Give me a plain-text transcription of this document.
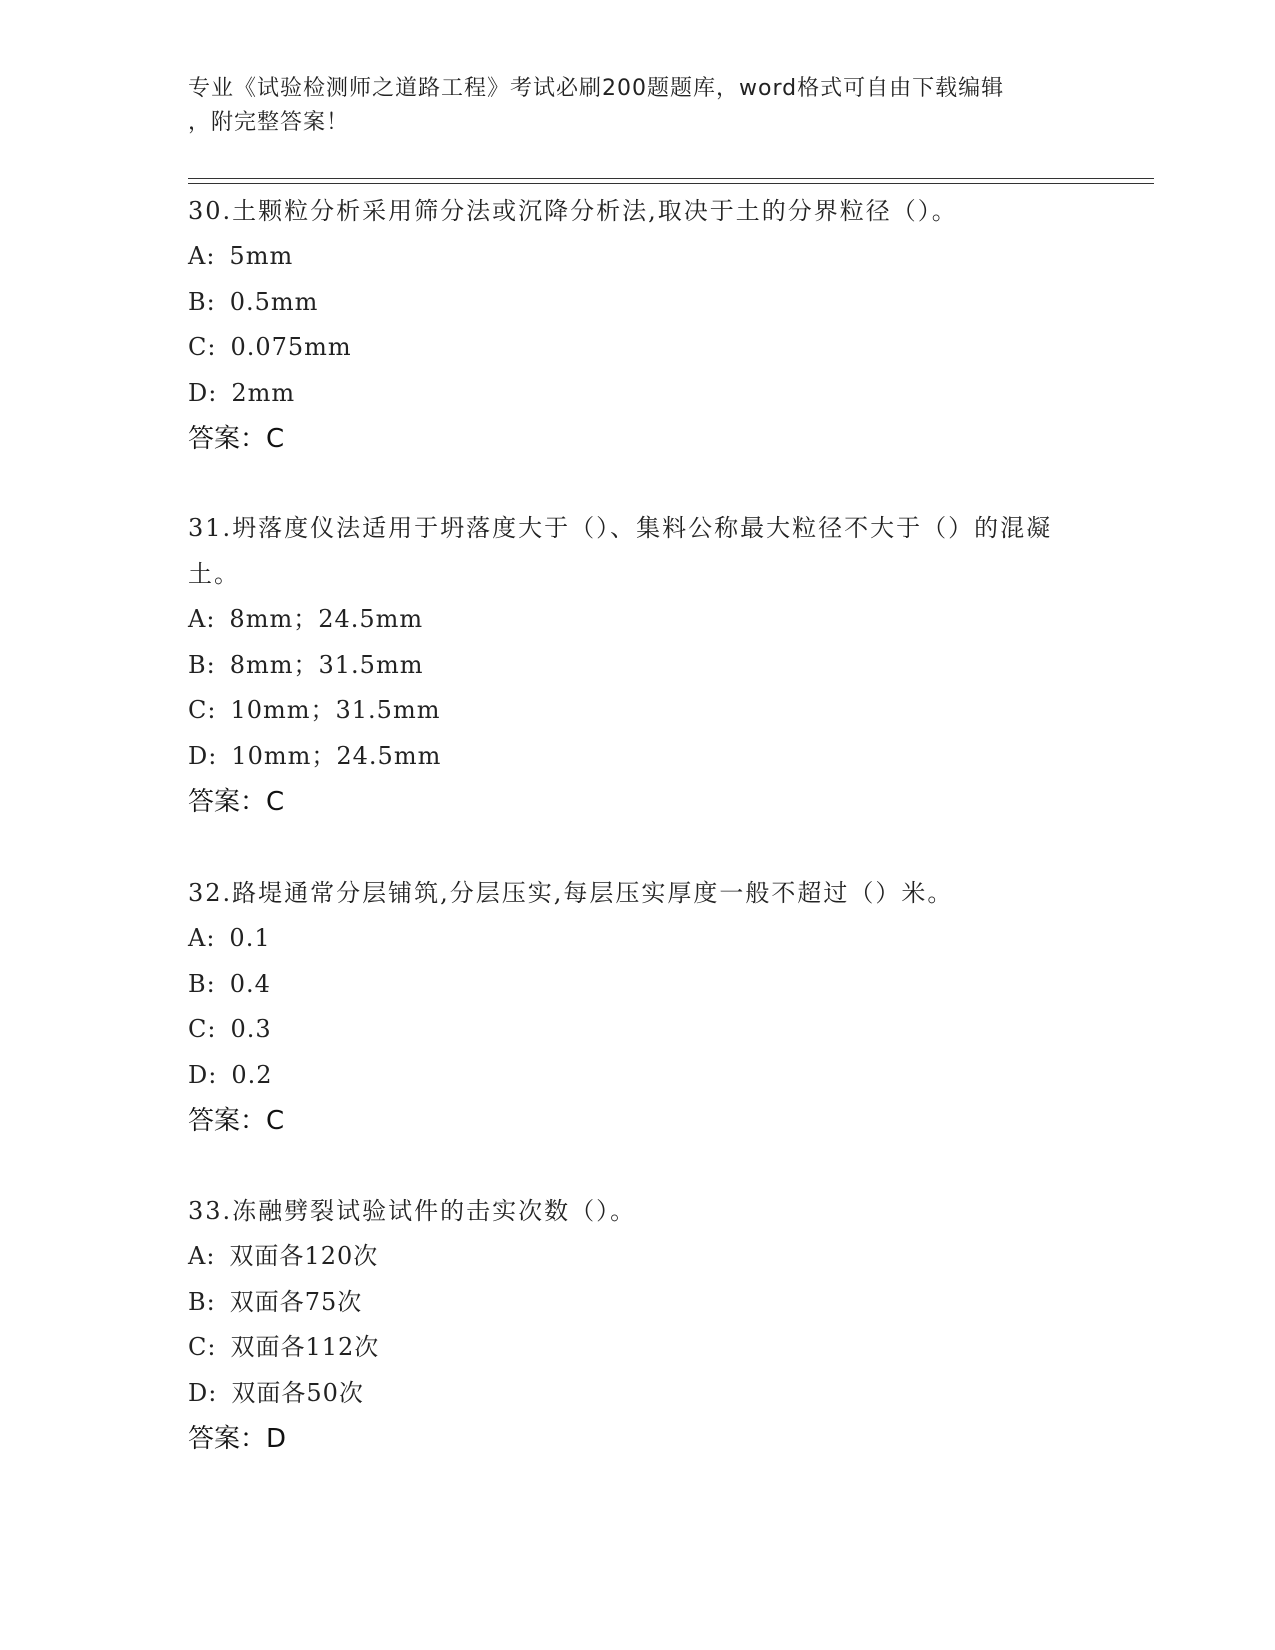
专业《试验检测师之道路工程》考试必刷200题题库，word格式可自由下载编辑
，附完整答案！

30.土颗粒分析采用筛分法或沉降分析法,取决于土的分界粒径（）。

A: 5mm

B: 0.5mm

C: 0.075mm

D: 2mm

答案：C

31.坍落度仪法适用于坍落度大于（）、集料公称最大粒径不大于（）的混凝土。

A: 8mm；24.5mm

B: 8mm；31.5mm

C: 10mm；31.5mm

D: 10mm；24.5mm

答案：C

32.路堤通常分层铺筑,分层压实,每层压实厚度一般不超过（）米。

A: 0.1

B: 0.4

C: 0.3

D: 0.2

答案：C

33.冻融劈裂试验试件的击实次数（）。

A: 双面各120次

B: 双面各75次

C: 双面各112次

D: 双面各50次

答案：D
